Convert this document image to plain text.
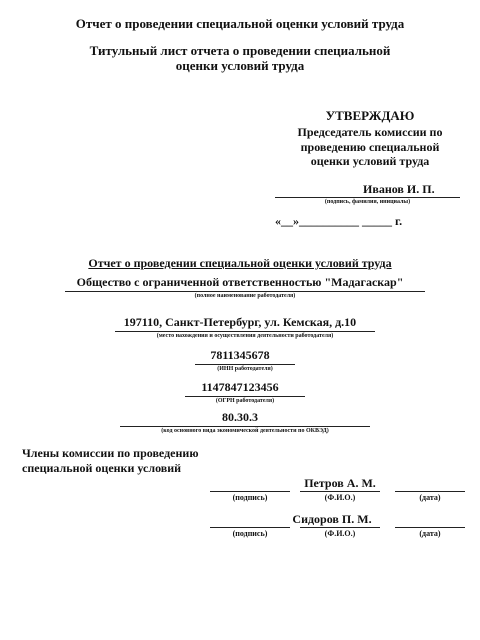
Отчет о проведении специальной оценки условий труда
Титульный лист отчета о проведении специальной
оценки условий труда
УТВЕРЖДАЮ
Председатель комиссии по
проведению специальной
оценки условий труда
Иванов И. П.
(подпись, фамилия, инициалы)
«__»__________ _____ г.
Отчет о проведении специальной оценки условий труда
Общество с ограниченной ответственностью "Мадагаскар"
(полное наименование работодателя)
197110, Санкт-Петербург, ул. Кемская, д.10
(место нахождения и осуществления деятельности работодателя)
7811345678
(ИНН работодателя)
1147847123456
(ОГРН работодателя)
80.30.3
(код основного вида экономической деятельности по ОКВЭД)
Члены комиссии по проведению
специальной оценки условий
Петров А. М.
(подпись)	(Ф.И.О.)	(дата)
Сидоров П. М.
(подпись)	(Ф.И.О.)	(дата)
